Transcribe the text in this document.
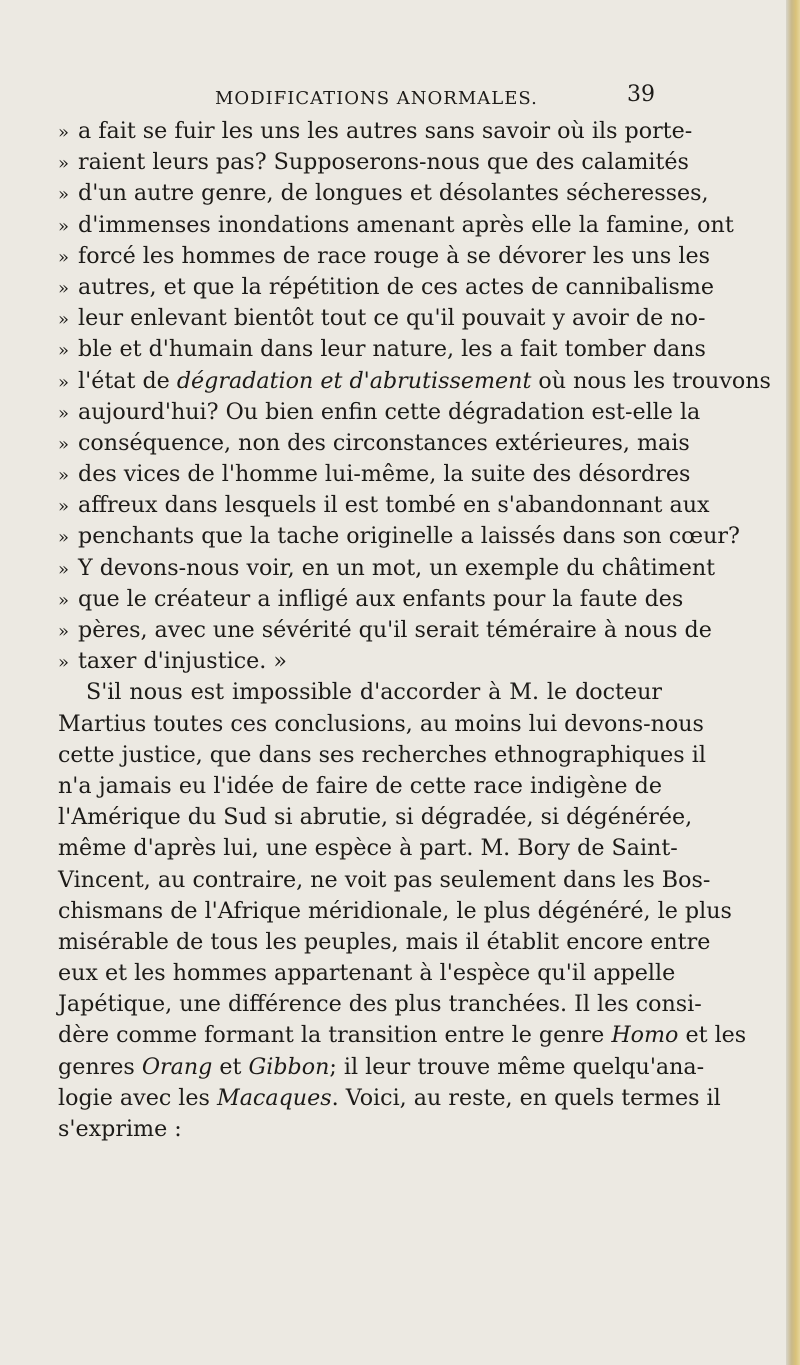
MODIFICATIONS ANORMALES.	39
» a fait se fuir les uns les autres sans savoir où ils porte-
» raient leurs pas? Supposerons-nous que des calamités
» d'un autre genre, de longues et désolantes sécheresses,
» d'immenses inondations amenant après elle la famine, ont
» forcé les hommes de race rouge à se dévorer les uns les
» autres, et que la répétition de ces actes de cannibalisme
» leur enlevant bientôt tout ce qu'il pouvait y avoir de no-
» ble et d'humain dans leur nature, les a fait tomber dans
» l'état de dégradation et d'abrutissement où nous les trouvons
» aujourd'hui? Ou bien enfin cette dégradation est-elle la
» conséquence, non des circonstances extérieures, mais
» des vices de l'homme lui-même, la suite des désordres
» affreux dans lesquels il est tombé en s'abandonnant aux
» penchants que la tache originelle a laissés dans son cœur?
» Y devons-nous voir, en un mot, un exemple du châtiment
» que le créateur a infligé aux enfants pour la faute des
» pères, avec une sévérité qu'il serait téméraire à nous de
» taxer d'injustice. »
S'il nous est impossible d'accorder à M. le docteur
Martius toutes ces conclusions, au moins lui devons-nous
cette justice, que dans ses recherches ethnographiques il
n'a jamais eu l'idée de faire de cette race indigène de
l'Amérique du Sud si abrutie, si dégradée, si dégénérée,
même d'après lui, une espèce à part. M. Bory de Saint-
Vincent, au contraire, ne voit pas seulement dans les Bos-
chismans de l'Afrique méridionale, le plus dégénéré, le plus
misérable de tous les peuples, mais il établit encore entre
eux et les hommes appartenant à l'espèce qu'il appelle
Japétique, une différence des plus tranchées. Il les consi-
dère comme formant la transition entre le genre Homo et les
genres Orang et Gibbon; il leur trouve même quelqu'ana-
logie avec les Macaques. Voici, au reste, en quels termes il
s'exprime :
